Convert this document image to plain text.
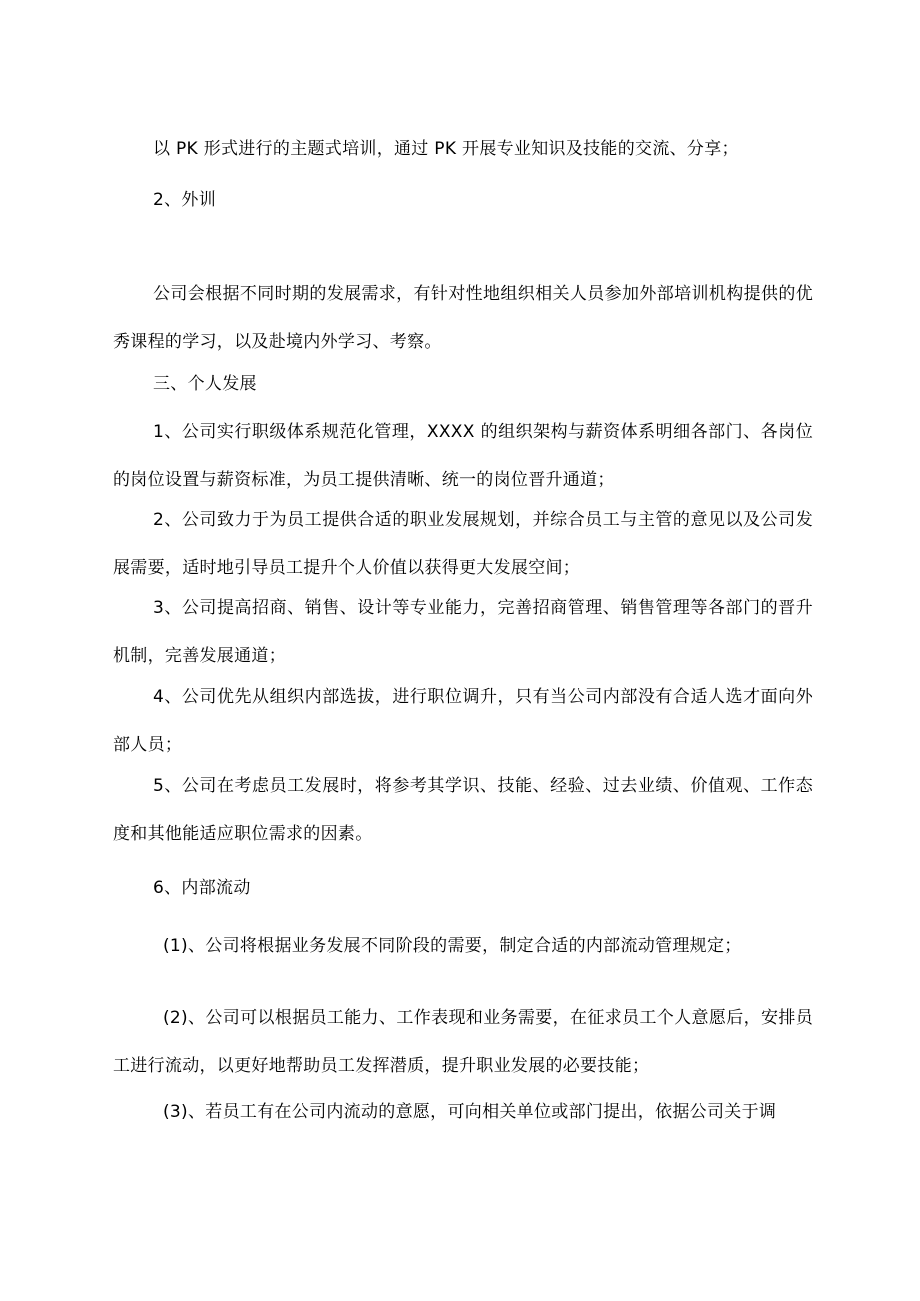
以 PK 形式进行的主题式培训，通过 PK 开展专业知识及技能的交流、分享；
2、外训
公司会根据不同时期的发展需求，有针对性地组织相关人员参加外部培训机构提供的优秀课程的学习，以及赴境内外学习、考察。
三、个人发展
1、公司实行职级体系规范化管理，XXXX 的组织架构与薪资体系明细各部门、各岗位的岗位设置与薪资标准，为员工提供清晰、统一的岗位晋升通道；
2、公司致力于为员工提供合适的职业发展规划，并综合员工与主管的意见以及公司发展需要，适时地引导员工提升个人价值以获得更大发展空间；
3、公司提高招商、销售、设计等专业能力，完善招商管理、销售管理等各部门的晋升机制，完善发展通道；
4、公司优先从组织内部选拔，进行职位调升，只有当公司内部没有合适人选才面向外部人员；
5、公司在考虑员工发展时，将参考其学识、技能、经验、过去业绩、价值观、工作态度和其他能适应职位需求的因素。
6、内部流动
(1)、公司将根据业务发展不同阶段的需要，制定合适的内部流动管理规定；
(2)、公司可以根据员工能力、工作表现和业务需要，在征求员工个人意愿后，安排员工进行流动，以更好地帮助员工发挥潜质，提升职业发展的必要技能；
(3)、若员工有在公司内流动的意愿，可向相关单位或部门提出，依据公司关于调
